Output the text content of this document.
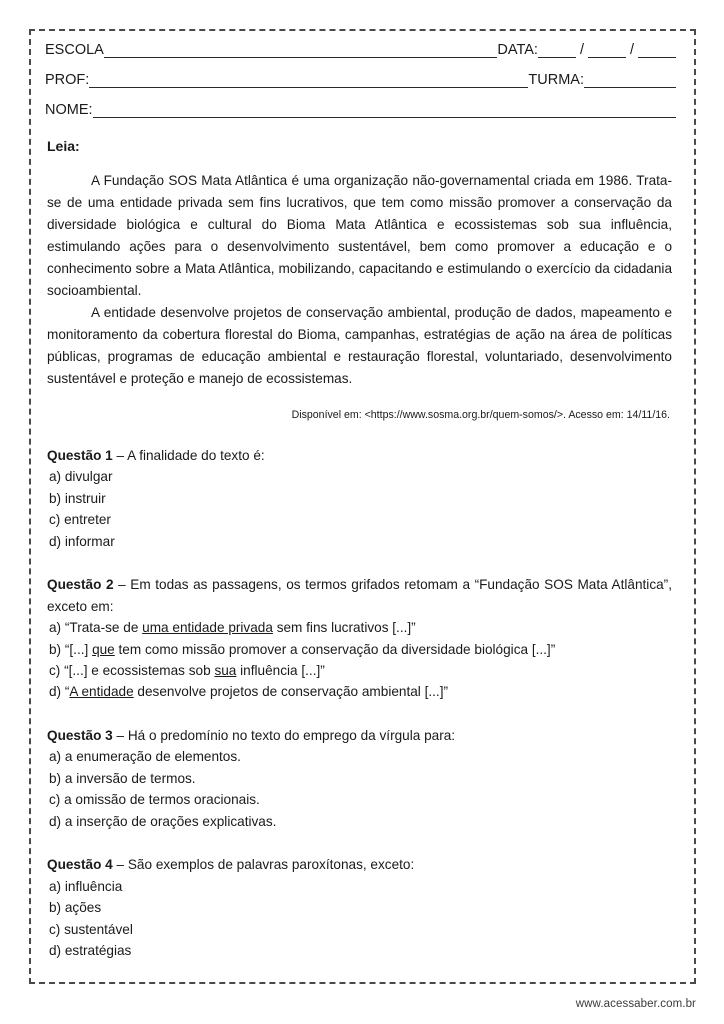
ESCOLA	DATA:	/	/
PROF:	TURMA:
NOME:
Leia:

A Fundação SOS Mata Atlântica é uma organização não-governamental criada em 1986. Trata-se de uma entidade privada sem fins lucrativos, que tem como missão promover a conservação da diversidade biológica e cultural do Bioma Mata Atlântica e ecossistemas sob sua influência, estimulando ações para o desenvolvimento sustentável, bem como promover a educação e o conhecimento sobre a Mata Atlântica, mobilizando, capacitando e estimulando o exercício da cidadania socioambiental.

A entidade desenvolve projetos de conservação ambiental, produção de dados, mapeamento e monitoramento da cobertura florestal do Bioma, campanhas, estratégias de ação na área de políticas públicas, programas de educação ambiental e restauração florestal, voluntariado, desenvolvimento sustentável e proteção e manejo de ecossistemas.

Disponível em: <https://www.sosma.org.br/quem-somos/>. Acesso em: 14/11/16.
Questão 1 – A finalidade do texto é:
a) divulgar
b) instruir
c) entreter
d) informar
Questão 2 – Em todas as passagens, os termos grifados retomam a “Fundação SOS Mata Atlântica”, exceto em:
a) “Trata-se de uma entidade privada sem fins lucrativos [...]”
b) “[...] que tem como missão promover a conservação da diversidade biológica [...]”
c) “[...] e ecossistemas sob sua influência [...]”
d) “A entidade desenvolve projetos de conservação ambiental [...]”
Questão 3 – Há o predomínio no texto do emprego da vírgula para:
a) a enumeração de elementos.
b) a inversão de termos.
c) a omissão de termos oracionais.
d) a inserção de orações explicativas.
Questão 4 – São exemplos de palavras paroxítonas, exceto:
a) influência
b) ações
c) sustentável
d) estratégias
www.acessaber.com.br
